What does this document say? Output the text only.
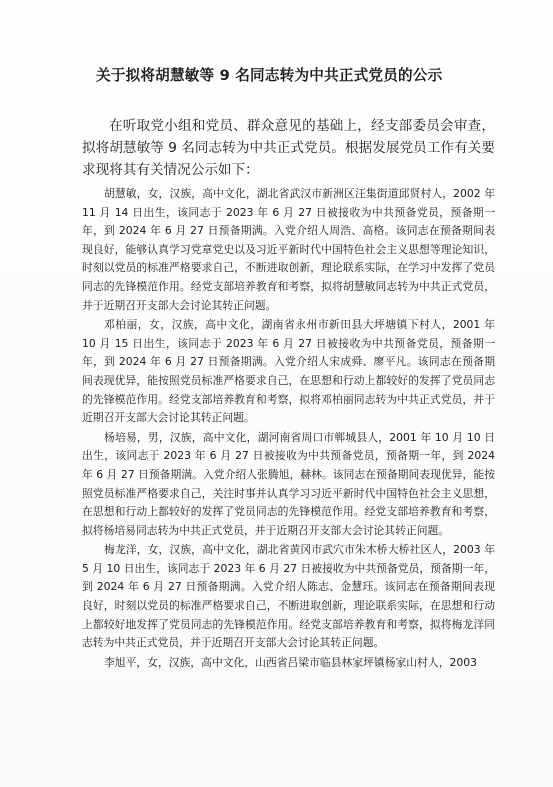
关于拟将胡慧敏等 9 名同志转为中共正式党员的公示

在听取党小组和党员、群众意见的基础上，经支部委员会审查，拟将胡慧敏等 9 名同志转为中共正式党员。根据发展党员工作有关要求现将其有关情况公示如下：

胡慧敏，女，汉族，高中文化，湖北省武汉市新洲区汪集街道邱贤村人，2002 年 11 月 14 日出生，该同志于 2023 年 6 月 27 日被接收为中共预备党员，预备期一年，到 2024 年 6 月 27 日预备期满。入党介绍人周浩、高格。该同志在预备期间表现良好，能够认真学习党章党史以及习近平新时代中国特色社会主义思想等理论知识，时刻以党员的标准严格要求自己，不断进取创新，理论联系实际，在学习中发挥了党员同志的先锋模范作用。经党支部培养教育和考察，拟将胡慧敏同志转为中共正式党员，并于近期召开支部大会讨论其转正问题。

邓柏丽，女，汉族，高中文化，湖南省永州市新田县大坪塘镇下村人，2001 年 10 月 15 日出生，该同志于 2023 年 6 月 27 日被接收为中共预备党员，预备期一年，到 2024 年 6 月 27 日预备期满。入党介绍人宋成舜、廖平凡。该同志在预备期间表现优异，能按照党员标准严格要求自己，在思想和行动上都较好的发挥了党员同志的先锋模范作用。经党支部培养教育和考察，拟将邓柏丽同志转为中共正式党员，并于近期召开支部大会讨论其转正问题。

杨培易，男，汉族，高中文化，湖河南省周口市郸城县人，2001 年 10 月 10 日出生，该同志于 2023 年 6 月 27 日被接收为中共预备党员，预备期一年，到 2024 年 6 月 27 日预备期满。入党介绍人张腾旭，赫林。该同志在预备期间表现优异，能按照党员标准严格要求自己，关注时事并认真学习习近平新时代中国特色社会主义思想，在思想和行动上都较好的发挥了党员同志的先锋模范作用。经党支部培养教育和考察，拟将杨培易同志转为中共正式党员，并于近期召开支部大会讨论其转正问题。

梅龙洋，女，汉族，高中文化，湖北省黄冈市武穴市朱木桥大桥社区人，2003 年 5 月 10 日出生，该同志于 2023 年 6 月 27 日被接收为中共预备党员，预备期一年，到 2024 年 6 月 27 日预备期满。入党介绍人陈志、金慧珏。该同志在预备期间表现良好，时刻以党员的标准严格要求自己，不断进取创新，理论联系实际，在思想和行动上都较好地发挥了党员同志的先锋模范作用。经党支部培养教育和考察，拟将梅龙洋同志转为中共正式党员，并于近期召开支部大会讨论其转正问题。

李旭平，女，汉族，高中文化，山西省吕梁市临县林家坪镇杨家山村人，2003
